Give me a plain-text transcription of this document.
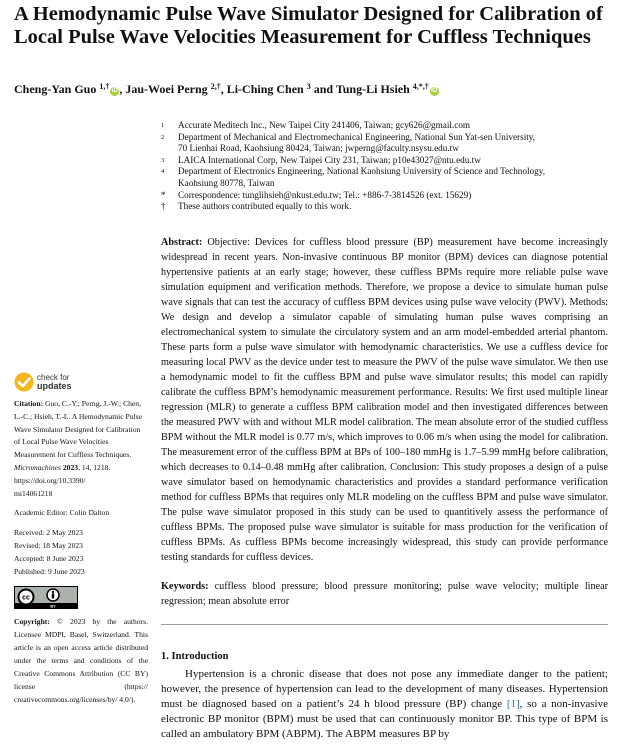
A Hemodynamic Pulse Wave Simulator Designed for Calibration of Local Pulse Wave Velocities Measurement for Cuffless Techniques
Cheng-Yan Guo $^{1,\dagger}$ iD , Jau-Woei Perng $^{2,\dagger}$, Li-Ching Chen $^3$ and Tung-Li Hsieh $^{4,*,\dagger}$ iD
1	Accurate Meditech Inc., New Taipei City 241406, Taiwan; gcy626@gmail.com
2	Department of Mechanical and Electromechanical Engineering, National Sun Yat-sen University,
70 Lienhai Road, Kaohsiung 80424, Taiwan; jwperng@faculty.nsysu.edu.tw
3	LAICA International Corp, New Taipei City 231, Taiwan; p10e43027@ntu.edu.tw
4	Department of Electronics Engineering, National Kaohsiung University of Science and Technology,
Kaohsiung 80778, Taiwan
*	Correspondence: tunglihsieh@nkust.edu.tw; Tel.: +886-7-3814526 (ext. 15629)
†	These authors contributed equally to this work.
Abstract: Objective: Devices for cuffless blood pressure (BP) measurement have become increasingly widespread in recent years. Non-invasive continuous BP monitor (BPM) devices can diagnose potential hypertensive patients at an early stage; however, these cuffless BPMs require more reliable pulse wave simulation equipment and verification methods. Therefore, we propose a device to simulate human pulse wave signals that can test the accuracy of cuffless BPM devices using pulse wave velocity (PWV). Methods: We design and develop a simulator capable of simulating human pulse waves comprising an electromechanical system to simulate the circulatory system and an arm model-embedded arterial phantom. These parts form a pulse wave simulator with hemodynamic characteristics. We use a cuffless device for measuring local PWV as the device under test to measure the PWV of the pulse wave simulator. We then use a hemodynamic model to fit the cuffless BPM and pulse wave simulator results; this model can rapidly calibrate the cuffless BPM’s hemodynamic measurement performance. Results: We first used multiple linear regression (MLR) to generate a cuffless BPM calibration model and then investigated differences between the measured PWV with and without MLR model calibration. The mean absolute error of the studied cuffless BPM without the MLR model is 0.77 m/s, which improves to 0.06 m/s when using the model for calibration. The measurement error of the cuffless BPM at BPs of 100–180 mmHg is 1.7–5.99 mmHg before calibration, which decreases to 0.14–0.48 mmHg after calibration. Conclusion: This study proposes a design of a pulse wave simulator based on hemodynamic characteristics and provides a standard performance verification method for cuffless BPMs that requires only MLR modeling on the cuffless BPM and pulse wave simulator. The pulse wave simulator proposed in this study can be used to quantitively assess the performance of cuffless BPMs. The proposed pulse wave simulator is suitable for mass production for the verification of cuffless BPMs. As cuffless BPMs become increasingly widespread, this study can provide performance testing standards for cuffless devices.
Keywords: cuffless blood pressure; blood pressure monitoring; pulse wave velocity; multiple linear regression; mean absolute error
1. Introduction
Hypertension is a chronic disease that does not pose any immediate danger to the patient; however, the presence of hypertension can lead to the development of many diseases. Hypertension must be diagnosed based on a patient’s 24 h blood pressure (BP) change [1], so a non-invasive electronic BP monitor (BPM) must be used that can continuously monitor BP. This type of BPM is called an ambulatory BPM (ABPM). The ABPM measures BP by
check for
updates

Citation: Guo, C.-Y.; Perng, J.-W.; Chen, L.-C.; Hsieh, T.-L. A Hemodynamic Pulse Wave Simulator Designed for Calibration of Local Pulse Wave Velocities Measurement for Cuffless Techniques.
Micromachines 2023, 14, 1218.
https://doi.org/10.3390/
mi14061218

Academic Editor: Colin Dalton

Received: 2 May 2023

Revised: 18 May 2023

Accepted: 8 June 2023

Published: 9 June 2023

cc
BY

Copyright: © 2023 by the authors. Licensee MDPI, Basel, Switzerland. This article is an open access article distributed under the terms and conditions of the Creative Commons Attribution (CC BY) license (https:// creativecommons.org/licenses/by/ 4.0/).
